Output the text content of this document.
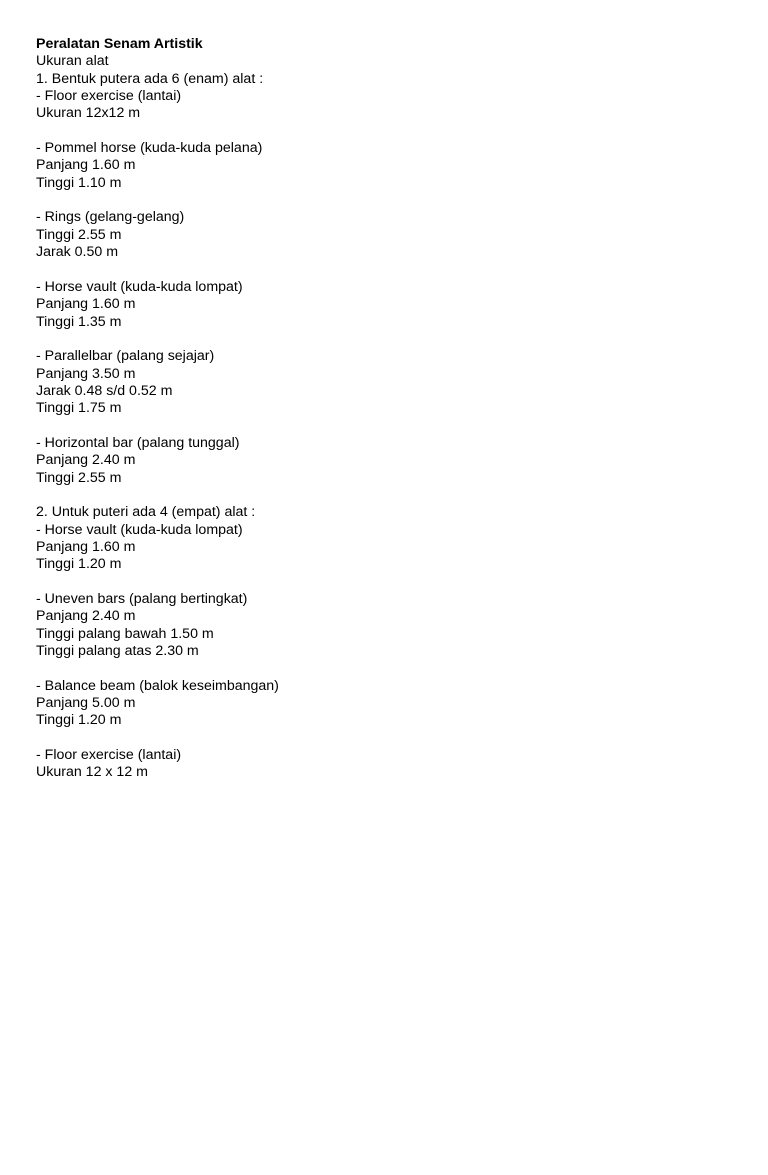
Peralatan Senam Artistik
Ukuran alat
1. Bentuk putera ada 6 (enam) alat :
- Floor exercise (lantai)
Ukuran 12x12 m
- Pommel horse (kuda-kuda pelana)
Panjang 1.60 m
Tinggi 1.10 m
- Rings (gelang-gelang)
Tinggi 2.55 m
Jarak 0.50 m
- Horse vault (kuda-kuda lompat)
Panjang 1.60 m
Tinggi 1.35 m
- Parallelbar (palang sejajar)
Panjang 3.50 m
Jarak 0.48 s/d 0.52 m
Tinggi 1.75 m
- Horizontal bar (palang tunggal)
Panjang 2.40 m
Tinggi 2.55 m
2. Untuk puteri ada 4 (empat) alat :
- Horse vault (kuda-kuda lompat)
Panjang 1.60 m
Tinggi 1.20 m
- Uneven bars (palang bertingkat)
Panjang 2.40 m
Tinggi palang bawah 1.50 m
Tinggi palang atas 2.30 m
- Balance beam (balok keseimbangan)
Panjang 5.00 m
Tinggi 1.20 m
- Floor exercise (lantai)
Ukuran 12 x 12 m
